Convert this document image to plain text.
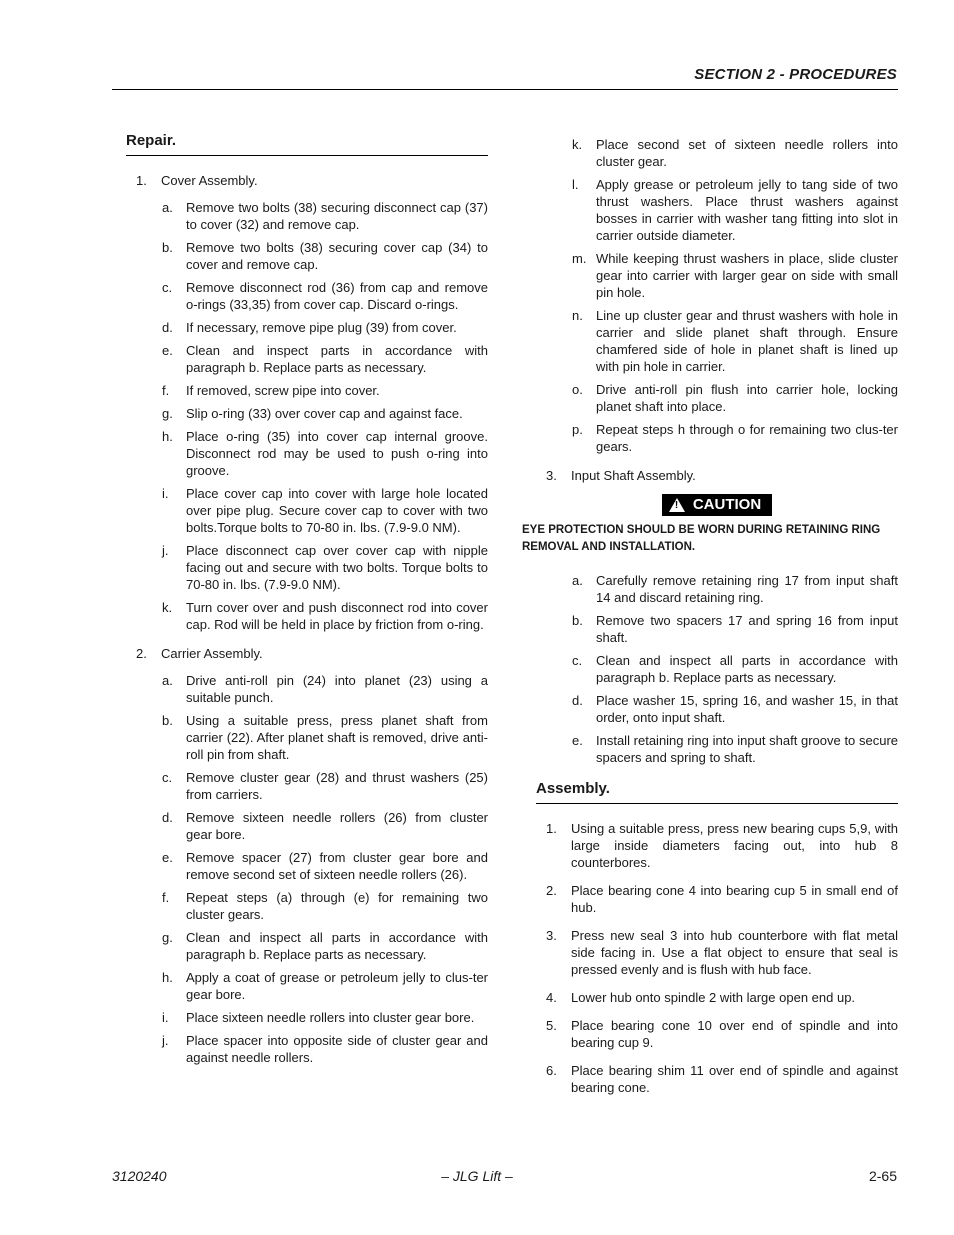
SECTION 2 - PROCEDURES
Repair.
1.	Cover Assembly.
a.	Remove two bolts (38) securing disconnect cap (37) to cover (32) and remove cap.
b.	Remove two bolts (38) securing cover cap (34) to cover and remove cap.
c.	Remove disconnect rod (36) from cap and remove o-rings (33,35) from cover cap. Discard o-rings.
d.	If necessary, remove pipe plug (39) from cover.
e.	Clean and inspect parts in accordance with paragraph b. Replace parts as necessary.
f.	If removed, screw pipe into cover.
g.	Slip o-ring (33) over cover cap and against face.
h.	Place o-ring (35) into cover cap internal groove. Disconnect rod may be used to push o-ring into groove.
i.	Place cover cap into cover with large hole located over pipe plug. Secure cover cap to cover with two bolts.Torque bolts to 70-80 in. lbs. (7.9-9.0 NM).
j.	Place disconnect cap over cover cap with nipple facing out and secure with two bolts. Torque bolts to 70-80 in. lbs. (7.9-9.0 NM).
k.	Turn cover over and push disconnect rod into cover cap. Rod will be held in place by friction from o-ring.
2.	Carrier Assembly.
a.	Drive anti-roll pin (24) into planet (23) using a suitable punch.
b.	Using a suitable press, press planet shaft from carrier (22). After planet shaft is removed, drive anti-roll pin from shaft.
c.	Remove cluster gear (28) and thrust washers (25) from carriers.
d.	Remove sixteen needle rollers (26) from cluster gear bore.
e.	Remove spacer (27) from cluster gear bore and remove second set of sixteen needle rollers (26).
f.	Repeat steps (a) through (e) for remaining two cluster gears.
g.	Clean and inspect all parts in accordance with paragraph b. Replace parts as necessary.
h.	Apply a coat of grease or petroleum jelly to clus-ter gear bore.
i.	Place sixteen needle rollers into cluster gear bore.
j.	Place spacer into opposite side of cluster gear and against needle rollers.
k.	Place second set of sixteen needle rollers into cluster gear.
l.	Apply grease or petroleum jelly to tang side of two thrust washers. Place thrust washers against bosses in carrier with washer tang fitting into slot in carrier outside diameter.
m. While keeping thrust washers in place, slide cluster gear into carrier with larger gear on side with small pin hole.
n.	Line up cluster gear and thrust washers with hole in carrier and slide planet shaft through. Ensure chamfered side of hole in planet shaft is lined up with pin hole in carrier.
o.	Drive anti-roll pin flush into carrier hole, locking planet shaft into place.
p.	Repeat steps h through o for remaining two clus-ter gears.
3.	Input Shaft Assembly.
! CAUTION
EYE PROTECTION SHOULD BE WORN DURING RETAINING RING REMOVAL AND INSTALLATION.
a.	Carefully remove retaining ring 17 from input shaft 14 and discard retaining ring.
b.	Remove two spacers 17 and spring 16 from input shaft.
c.	Clean and inspect all parts in accordance with paragraph b. Replace parts as necessary.
d.	Place washer 15, spring 16, and washer 15, in that order, onto input shaft.
e.	Install retaining ring into input shaft groove to secure spacers and spring to shaft.
Assembly.
1.	Using a suitable press, press new bearing cups 5,9, with large inside diameters facing out, into hub 8 counterbores.
2.	Place bearing cone 4 into bearing cup 5 in small end of hub.
3.	Press new seal 3 into hub counterbore with flat metal side facing in. Use a flat object to ensure that seal is pressed evenly and is flush with hub face.
4.	Lower hub onto spindle 2 with large open end up.
5.	Place bearing cone 10 over end of spindle and into bearing cup 9.
6.	Place bearing shim 11 over end of spindle and against bearing cone.
3120240	– JLG Lift –	2-65
